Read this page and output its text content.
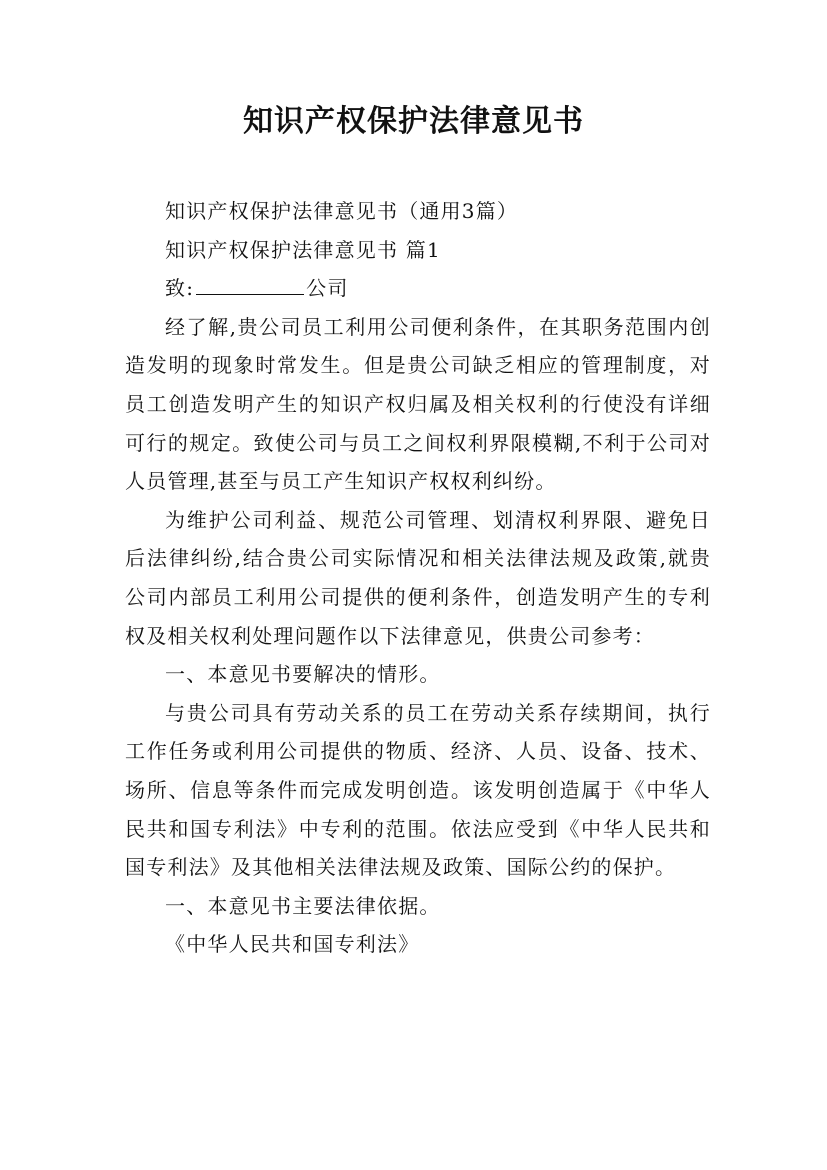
知识产权保护法律意见书

知识产权保护法律意见书（通用3篇）

知识产权保护法律意见书 篇1

致:	公司

经了解,贵公司员工利用公司便利条件，在其职务范围内创造发明的现象时常发生。但是贵公司缺乏相应的管理制度，对员工创造发明产生的知识产权归属及相关权利的行使没有详细可行的规定。致使公司与员工之间权利界限模糊,不利于公司对人员管理,甚至与员工产生知识产权权利纠纷。

为维护公司利益、规范公司管理、划清权利界限、避免日后法律纠纷,结合贵公司实际情况和相关法律法规及政策,就贵公司内部员工利用公司提供的便利条件，创造发明产生的专利权及相关权利处理问题作以下法律意见，供贵公司参考：

一、本意见书要解决的情形。

与贵公司具有劳动关系的员工在劳动关系存续期间，执行工作任务或利用公司提供的物质、经济、人员、设备、技术、场所、信息等条件而完成发明创造。该发明创造属于《中华人民共和国专利法》中专利的范围。依法应受到《中华人民共和国专利法》及其他相关法律法规及政策、国际公约的保护。

一、本意见书主要法律依据。

《中华人民共和国专利法》
